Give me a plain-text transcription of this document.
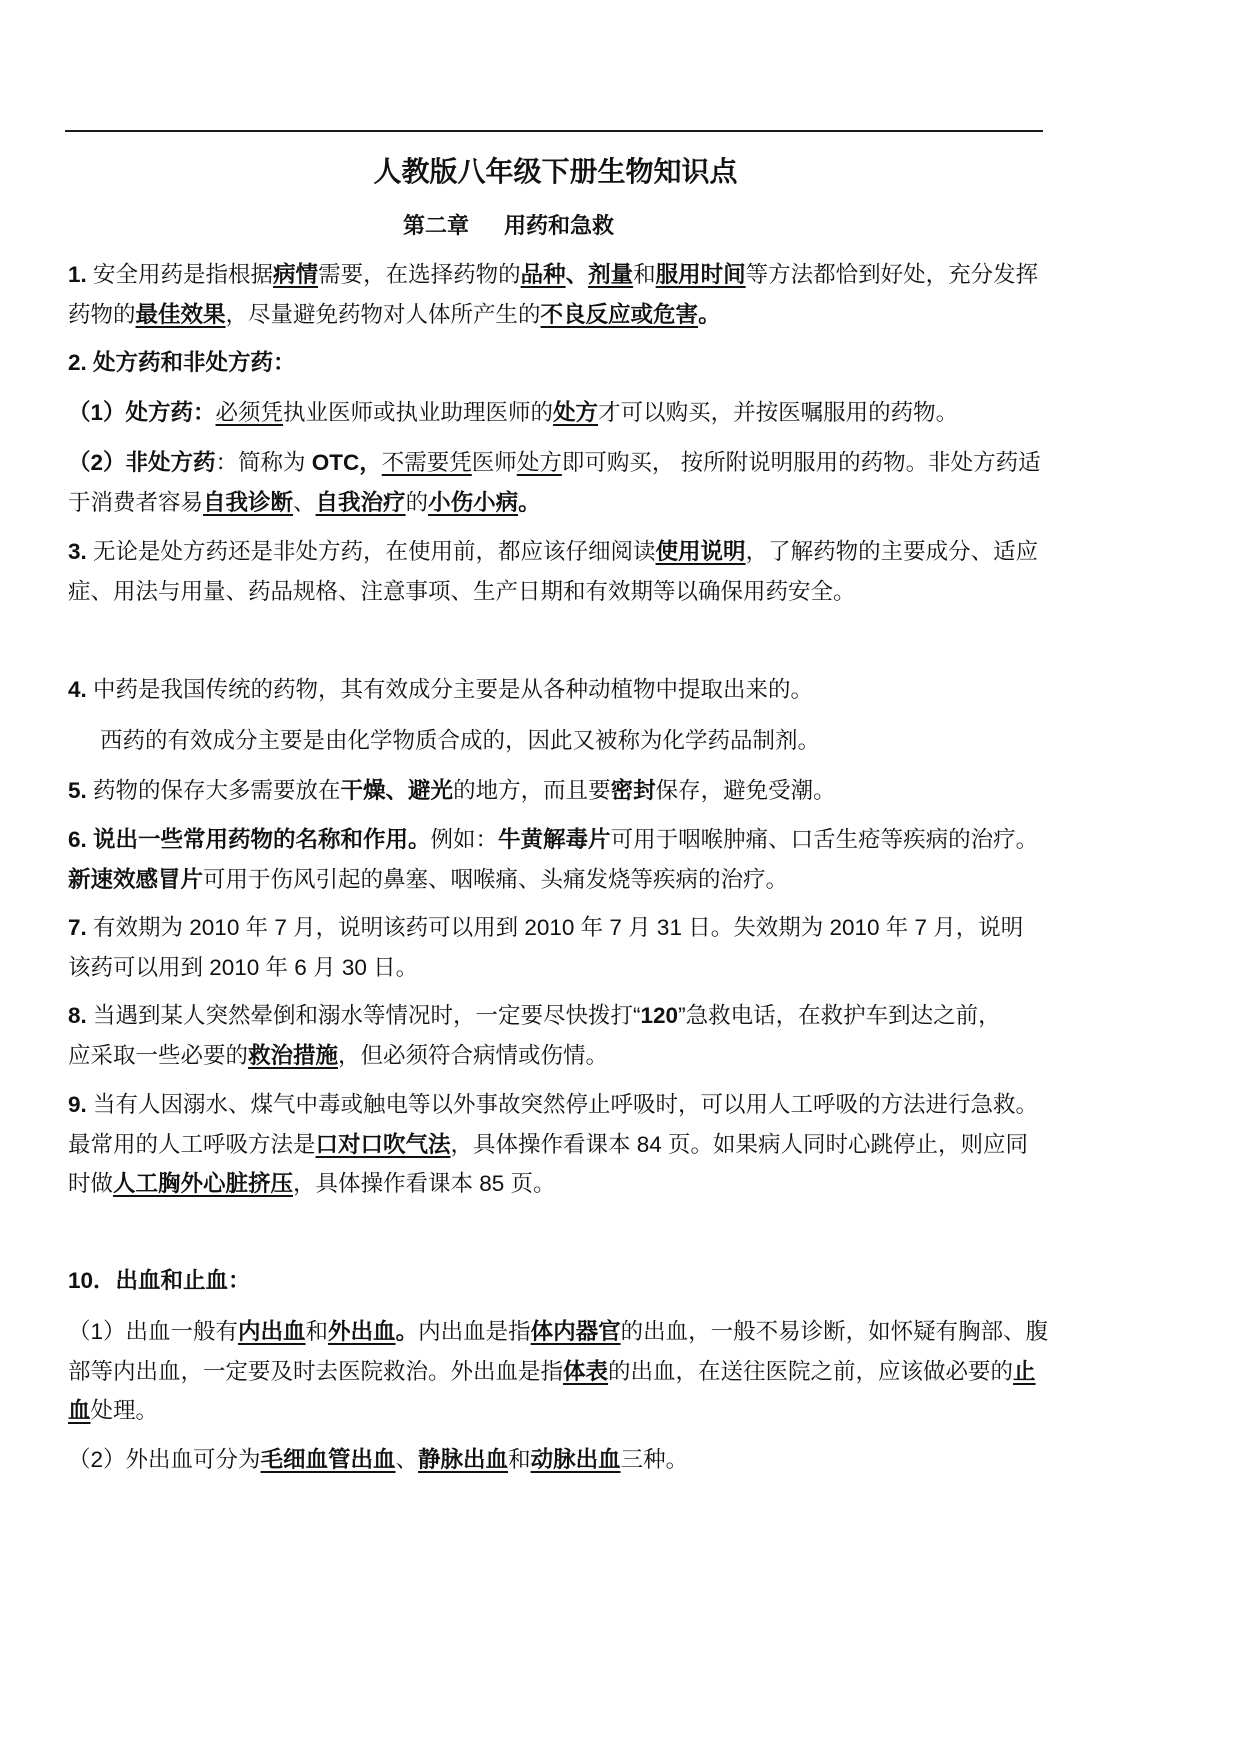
人教版八年级下册生物知识点
第二章 用药和急救
1. 安全用药是指根据病情需要，在选择药物的品种、剂量和服用时间等方法都恰到好处，充分发挥
药物的最佳效果，尽量避免药物对人体所产生的不良反应或危害。
2. 处方药和非处方药：
（1）处方药：必须凭执业医师或执业助理医师的处方才可以购买，并按医嘱服用的药物。
（2）非处方药：简称为 OTC，不需要凭医师处方即可购买， 按所附说明服用的药物。非处方药适
于消费者容易自我诊断、自我治疗的小伤小病。
3. 无论是处方药还是非处方药，在使用前，都应该仔细阅读使用说明，了解药物的主要成分、适应
症、用法与用量、药品规格、注意事项、生产日期和有效期等以确保用药安全。
4. 中药是我国传统的药物，其有效成分主要是从各种动植物中提取出来的。
西药的有效成分主要是由化学物质合成的，因此又被称为化学药品制剂。
5. 药物的保存大多需要放在干燥、避光的地方，而且要密封保存，避免受潮。
6. 说出一些常用药物的名称和作用。例如：牛黄解毒片可用于咽喉肿痛、口舌生疮等疾病的治疗。
新速效感冒片可用于伤风引起的鼻塞、咽喉痛、头痛发烧等疾病的治疗。
7. 有效期为 2010 年 7 月，说明该药可以用到 2010 年 7 月 31 日。失效期为 2010 年 7 月，说明
该药可以用到 2010 年 6 月 30 日。
8. 当遇到某人突然晕倒和溺水等情况时，一定要尽快拨打“120”急救电话，在救护车到达之前，
应采取一些必要的救治措施，但必须符合病情或伤情。
9. 当有人因溺水、煤气中毒或触电等以外事故突然停止呼吸时，可以用人工呼吸的方法进行急救。
最常用的人工呼吸方法是口对口吹气法，具体操作看课本 84 页。如果病人同时心跳停止，则应同
时做人工胸外心脏挤压，具体操作看课本 85 页。
10．出血和止血：
（1）出血一般有内出血和外出血。内出血是指体内器官的出血，一般不易诊断，如怀疑有胸部、腹
部等内出血，一定要及时去医院救治。外出血是指体表的出血，在送往医院之前，应该做必要的止
血处理。
（2）外出血可分为毛细血管出血、静脉出血和动脉出血三种。
